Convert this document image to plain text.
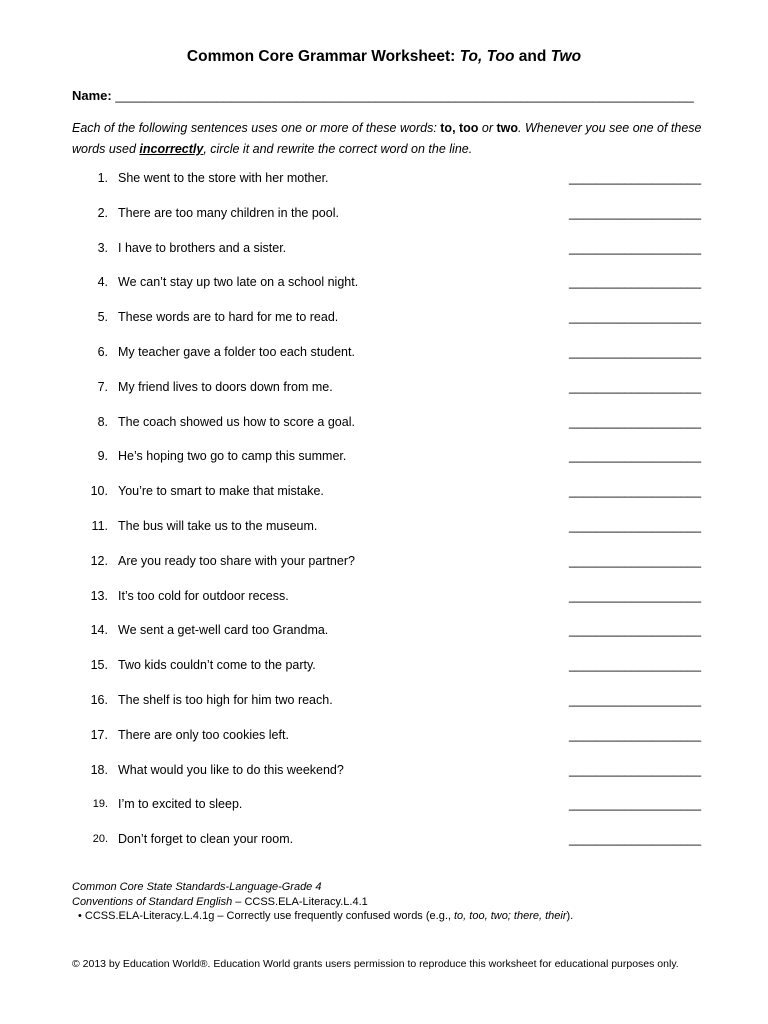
Common Core Grammar Worksheet: To, Too and Two
Name: ________________________________________________________________________________
Each of the following sentences uses one or more of these words: to, too or two. Whenever you see one of these words used incorrectly, circle it and rewrite the correct word on the line.
1. She went to the store with her mother.	___________________
2. There are too many children in the pool.	___________________
3. I have to brothers and a sister.	___________________
4. We can’t stay up two late on a school night.	___________________
5. These words are to hard for me to read.	___________________
6. My teacher gave a folder too each student.	___________________
7. My friend lives to doors down from me.	___________________
8. The coach showed us how to score a goal.	___________________
9. He’s hoping two go to camp this summer.	___________________
10. You’re to smart to make that mistake.	___________________
11. The bus will take us to the museum.	___________________
12. Are you ready too share with your partner?	___________________
13. It’s too cold for outdoor recess.	___________________
14. We sent a get-well card too Grandma.	___________________
15. Two kids couldn’t come to the party.	___________________
16. The shelf is too high for him two reach.	___________________
17. There are only too cookies left.	___________________
18. What would you like to do this weekend?	___________________
19. I’m to excited to sleep.	___________________
20. Don’t forget to clean your room.	___________________
Common Core State Standards-Language-Grade 4
Conventions of Standard English – CCSS.ELA-Literacy.L.4.1
• CCSS.ELA-Literacy.L.4.1g – Correctly use frequently confused words (e.g., to, too, two; there, their).
© 2013 by Education World®. Education World grants users permission to reproduce this worksheet for educational purposes only.
